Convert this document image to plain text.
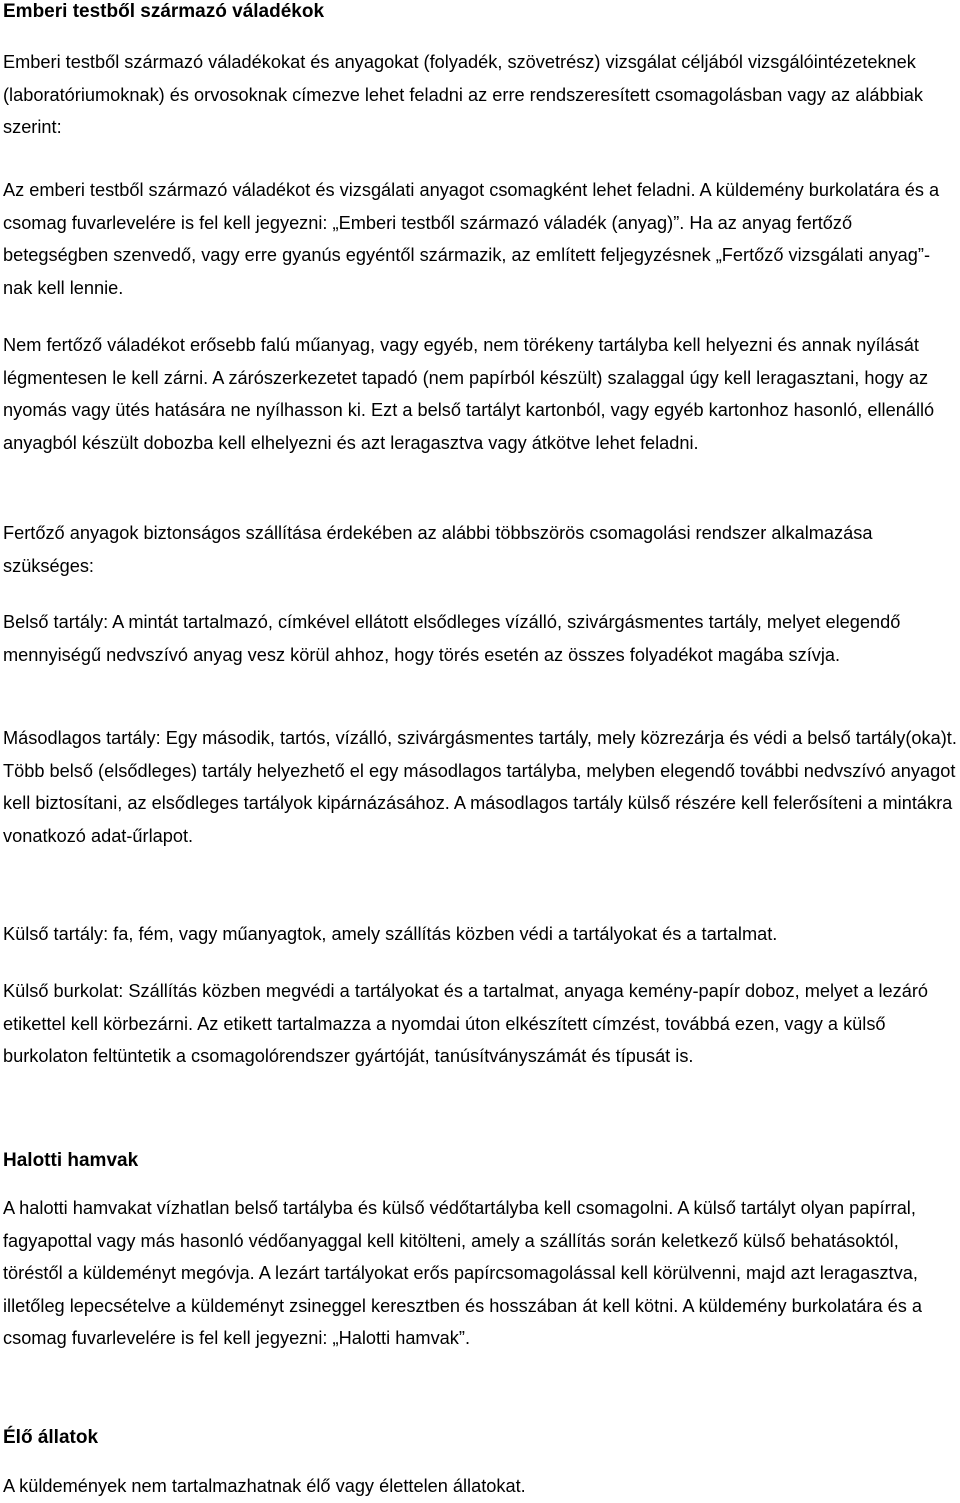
Emberi testből származó váladékok

Emberi testből származó váladékokat és anyagokat (folyadék, szövetrész) vizsgálat céljából vizsgálóintézeteknek (laboratóriumoknak) és orvosoknak címezve lehet feladni az erre rendszeresített csomagolásban vagy az alábbiak szerint:

Az emberi testből származó váladékot és vizsgálati anyagot csomagként lehet feladni. A küldemény burkolatára és a csomag fuvarlevelére is fel kell jegyezni: „Emberi testből származó váladék (anyag)”. Ha az anyag fertőző betegségben szenvedő, vagy erre gyanús egyéntől származik, az említett feljegyzésnek „Fertőző vizsgálati anyag”-nak kell lennie.

Nem fertőző váladékot erősebb falú műanyag, vagy egyéb, nem törékeny tartályba kell helyezni és annak nyílását légmentesen le kell zárni. A zárószerkezetet tapadó (nem papírból készült) szalaggal úgy kell leragasztani, hogy az nyomás vagy ütés hatására ne nyílhasson ki. Ezt a belső tartályt kartonból, vagy egyéb kartonhoz hasonló, ellenálló anyagból készült dobozba kell elhelyezni és azt leragasztva vagy átkötve lehet feladni.

Fertőző anyagok biztonságos szállítása érdekében az alábbi többszörös csomagolási rendszer alkalmazása szükséges:

Belső tartály: A mintát tartalmazó, címkével ellátott elsődleges vízálló, szivárgásmentes tartály, melyet elegendő mennyiségű nedvszívó anyag vesz körül ahhoz, hogy törés esetén az összes folyadékot magába szívja.

Másodlagos tartály: Egy második, tartós, vízálló, szivárgásmentes tartály, mely közrezárja és védi a belső tartály(oka)t. Több belső (elsődleges) tartály helyezhető el egy másodlagos tartályba, melyben elegendő további nedvszívó anyagot kell biztosítani, az elsődleges tartályok kipárnázásához. A másodlagos tartály külső részére kell felerősíteni a mintákra vonatkozó adat-űrlapot.

Külső tartály: fa, fém, vagy műanyagtok, amely szállítás közben védi a tartályokat és a tartalmat.

Külső burkolat: Szállítás közben megvédi a tartályokat és a tartalmat, anyaga kemény-papír doboz, melyet a lezáró etikettel kell körbezárni. Az etikett tartalmazza a nyomdai úton elkészített címzést, továbbá ezen, vagy a külső burkolaton feltüntetik a csomagolórendszer gyártóját, tanúsítványszámát és típusát is.

Halotti hamvak

A halotti hamvakat vízhatlan belső tartályba és külső védőtartályba kell csomagolni. A külső tartályt olyan papírral, fagyapottal vagy más hasonló védőanyaggal kell kitölteni, amely a szállítás során keletkező külső behatásoktól, töréstől a küldeményt megóvja. A lezárt tartályokat erős papírcsomagolással kell körülvenni, majd azt leragasztva, illetőleg lepecsételve a küldeményt zsineggel keresztben és hosszában át kell kötni. A küldemény burkolatára és a csomag fuvarlevelére is fel kell jegyezni: „Halotti hamvak”.

Élő állatok

A küldemények nem tartalmazhatnak élő vagy élettelen állatokat.
